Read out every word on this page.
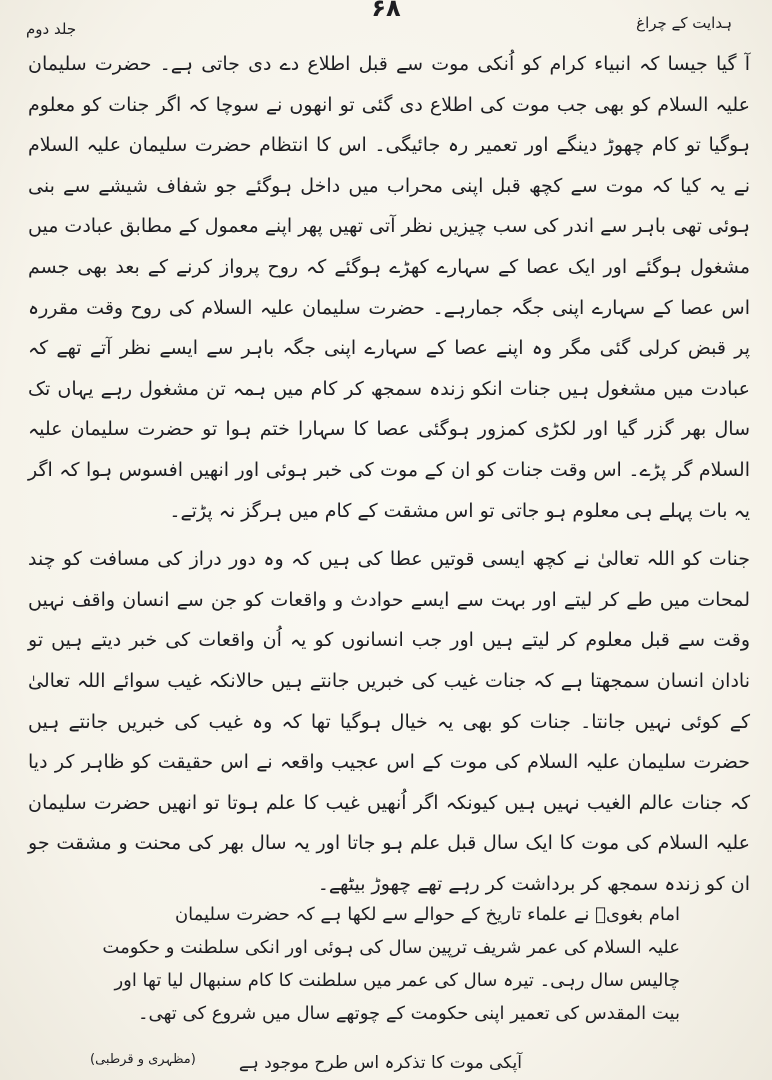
۶۸
ہدایت کے چراغ
جلد دوم

آ گیا جیسا کہ انبیاء کرام کو اُنکی موت سے قبل اطلاع دے دی جاتی ہے۔ حضرت سلیمان علیہ السلام کو بھی جب موت کی اطلاع دی گئی تو انھوں نے سوچا کہ اگر جنات کو معلوم ہوگیا تو کام چھوڑ دینگے اور تعمیر رہ جائیگی۔ اس کا انتظام حضرت سلیمان علیہ السلام نے یہ کیا کہ موت سے کچھ قبل اپنی محراب میں داخل ہوگئے جو شفاف شیشے سے بنی ہوئی تھی باہر سے اندر کی سب چیزیں نظر آتی تھیں پھر اپنے معمول کے مطابق عبادت میں مشغول ہوگئے اور ایک عصا کے سہارے کھڑے ہوگئے کہ روح پرواز کرنے کے بعد بھی جسم اس عصا کے سہارے اپنی جگہ جمارہے۔ حضرت سلیمان علیہ السلام کی روح وقت مقررہ پر قبض کرلی گئی مگر وہ اپنے عصا کے سہارے اپنی جگہ باہر سے ایسے نظر آتے تھے کہ عبادت میں مشغول ہیں جنات انکو زندہ سمجھ کر کام میں ہمہ تن مشغول رہے یہاں تک سال بھر گزر گیا اور لکڑی کمزور ہوگئی عصا کا سہارا ختم ہوا تو حضرت سلیمان علیہ السلام گر پڑے۔ اس وقت جنات کو ان کے موت کی خبر ہوئی اور انھیں افسوس ہوا کہ اگر یہ بات پہلے ہی معلوم ہو جاتی تو اس مشقت کے کام میں ہرگز نہ پڑتے۔

جنات کو اللہ تعالیٰ نے کچھ ایسی قوتیں عطا کی ہیں کہ وہ دور دراز کی مسافت کو چند لمحات میں طے کر لیتے اور بہت سے ایسے حوادث و واقعات کو جن سے انسان واقف نہیں وقت سے قبل معلوم کر لیتے ہیں اور جب انسانوں کو یہ اُن واقعات کی خبر دیتے ہیں تو نادان انسان سمجھتا ہے کہ جنات غیب کی خبریں جانتے ہیں حالانکہ غیب سوائے اللہ تعالیٰ کے کوئی نہیں جانتا۔ جنات کو بھی یہ خیال ہوگیا تھا کہ وہ غیب کی خبریں جانتے ہیں حضرت سلیمان علیہ السلام کی موت کے اس عجیب واقعہ نے اس حقیقت کو ظاہر کر دیا کہ جنات عالم الغیب نہیں ہیں کیونکہ اگر اُنھیں غیب کا علم ہوتا تو انھیں حضرت سلیمان علیہ السلام کی موت کا ایک سال قبل علم ہو جاتا اور یہ سال بھر کی محنت و مشقت جو ان کو زندہ سمجھ کر برداشت کر رہے تھے چھوڑ بیٹھے۔

امام بغویؒ نے علماء تاریخ کے حوالے سے لکھا ہے کہ حضرت سلیمان

علیہ السلام کی عمر شریف ترپین سال کی ہوئی اور انکی سلطنت و حکومت

چالیس سال رہی۔ تیرہ سال کی عمر میں سلطنت کا کام سنبھال لیا تھا اور

بیت المقدس کی تعمیر اپنی حکومت کے چوتھے سال میں شروع کی تھی۔

(مظہری و قرطبی)	آپکی موت کا تذکرہ اس طرح موجود ہے
